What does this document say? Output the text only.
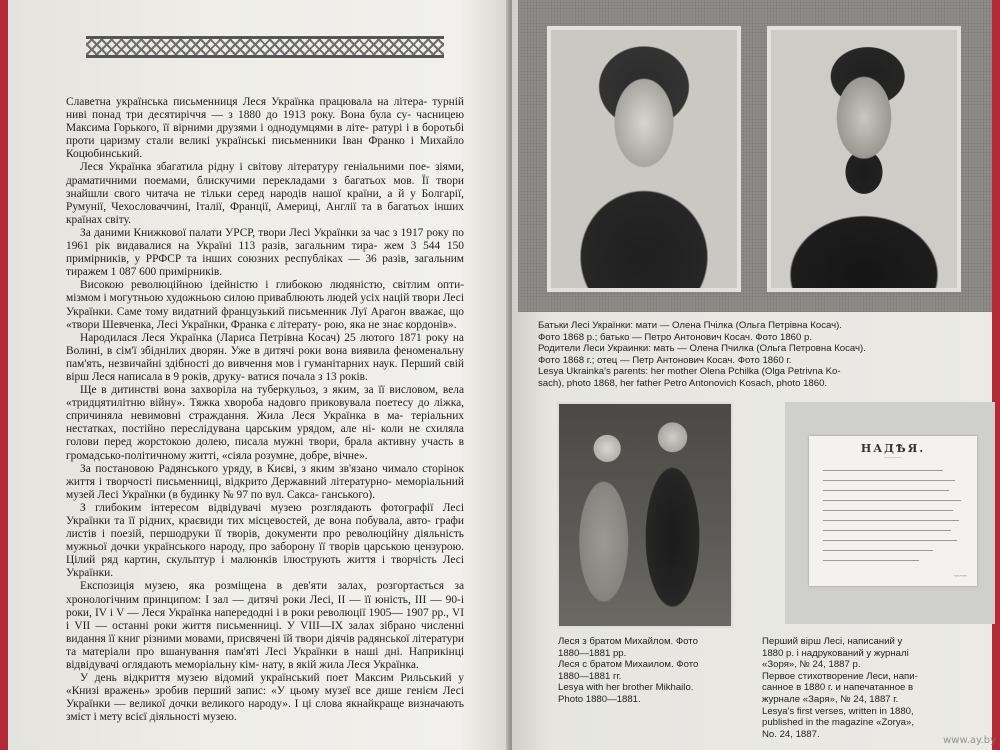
Славетна українська письменниця Леся Українка працювала на літера- турній ниві понад три десятиріччя — з 1880 до 1913 року. Вона була су- часницею Максима Горького, її вірними друзями і однодумцями в літе- ратурі і в боротьбі проти царизму стали великі українські письменники Іван Франко і Михайло Коцюбинський.

Леся Українка збагатила рідну і світову літературу геніальними пое- зіями, драматичними поемами, блискучими перекладами з багатьох мов. Її твори знайшли свого читача не тільки серед народів нашої країни, а й у Болгарії, Румунії, Чехословаччині, Італії, Франції, Америці, Англії та в багатьох інших країнах світу.

За даними Книжкової палати УРСР, твори Лесі Українки за час з 1917 року по 1961 рік видавалися на Україні 113 разів, загальним тира- жем 3 544 150 примірників, у РРФСР та інших союзних республіках — 36 разів, загальним тиражем 1 087 600 примірників.

Високою революційною ідейністю і глибокою людяністю, світлим опти- мізмом і могутньою художньою силою приваблюють людей усіх націй твори Лесі Українки. Саме тому видатний французький письменник Луї Арагон вважає, що «твори Шевченка, Лесі Українки, Франка є літерату- рою, яка не знає кордонів».

Народилася Леся Українка (Лариса Петрівна Косач) 25 лютого 1871 року на Волині, в сім'ї збіднілих дворян. Уже в дитячі роки вона виявила феноменальну пам'ять, незвичайні здібності до вивчення мов і гуманітарних наук. Перший свій вірш Леся написала в 9 років, друку- ватися почала з 13 років.

Ще в дитинстві вона захворіла на туберкульоз, з яким, за її висловом, вела «тридцятилітню війну». Тяжка хвороба надовго приковувала поетесу до ліжка, спричиняла невимовні страждання. Жила Леся Українка в ма- теріальних нестатках, постійно переслідувана царським урядом, але ні- коли не схиляла голови перед жорстокою долею, писала мужні твори, брала активну участь в громадсько-політичному житті, «сіяла розумне, добре, вічне».

За постановою Радянського уряду, в Києві, з яким зв'язано чимало сторінок життя і творчості письменниці, відкрито Державний літературно- меморіальний музей Лесі Українки (в будинку № 97 по вул. Саксa- ганського).

З глибоким інтересом відвідувачі музею розглядають фотографії Лесі Українки та її рідних, краєвиди тих місцевостей, де вона побувала, авто- графи листів і поезій, першодруки її творів, документи про революційну діяльність мужньої дочки українського народу, про заборону її творів царською цензурою. Цілий ряд картин, скульптур і малюнків ілюструють життя і творчість Лесі Українки.

Експозиція музею, яка розміщена в дев'яти залах, розгортається за хронологічним принципом: I зал — дитячі роки Лесі, II — її юність, III — 90-і роки, IV і V — Леся Українка напередодні і в роки революції 1905— 1907 рр., VI і VII — останні роки життя письменниці. У VIII—IX залах зібрано численні видання її книг різними мовами, присвячені їй твори діячів радянської літератури та матеріали про вшанування пам'яті Лесі Українки в наші дні. Наприкінці відвідувачі оглядають меморіальну кім- нату, в якій жила Леся Українка.

У день відкриття музею відомий український поет Максим Рильський у «Книзі вражень» зробив перший запис: «У цьому музеї все дише генієм Лесі Українки — великої дочки великого народу». І ці слова якнайкраще визначають зміст і мету всієї діяльності музею.

Батьки Лесі Українки: мати — Олена Пчілка (Ольга Петрівна Косач).
Фото 1868 р.; батько — Петро Антонович Косач. Фото 1860 р.
Родители Леси Украинки: мать — Олена Пчилка (Ольга Петровна Косач).
Фото 1868 г.; отец — Петр Антонович Косач. Фото 1860 г.
Lesya Ukrainka's parents: her mother Olena Pchilka (Olga Petrivna Ko-
sach), photo 1868, her father Petro Antonovich Kosach, photo 1860.
НАДѢЯ.
————
~~~~
Леся з братом Михайлом. Фото
1880—1881 рр.
Леся с братом Михаилом. Фото
1880—1881 гг.
Lesya with her brother Mikhailo.
Photo 1880—1881.
Перший вірш Лесі, написаний у
1880 р. і надрукований у журналі
«Зоря», № 24, 1887 р.
Первое стихотворение Леси, напи-
санное в 1880 г. и напечатанное в
журнале «Заря», № 24, 1887 г.
Lesya's first verses, written in 1880,
published in the magazine «Zorya»,
No. 24, 1887.
www.ay.by
